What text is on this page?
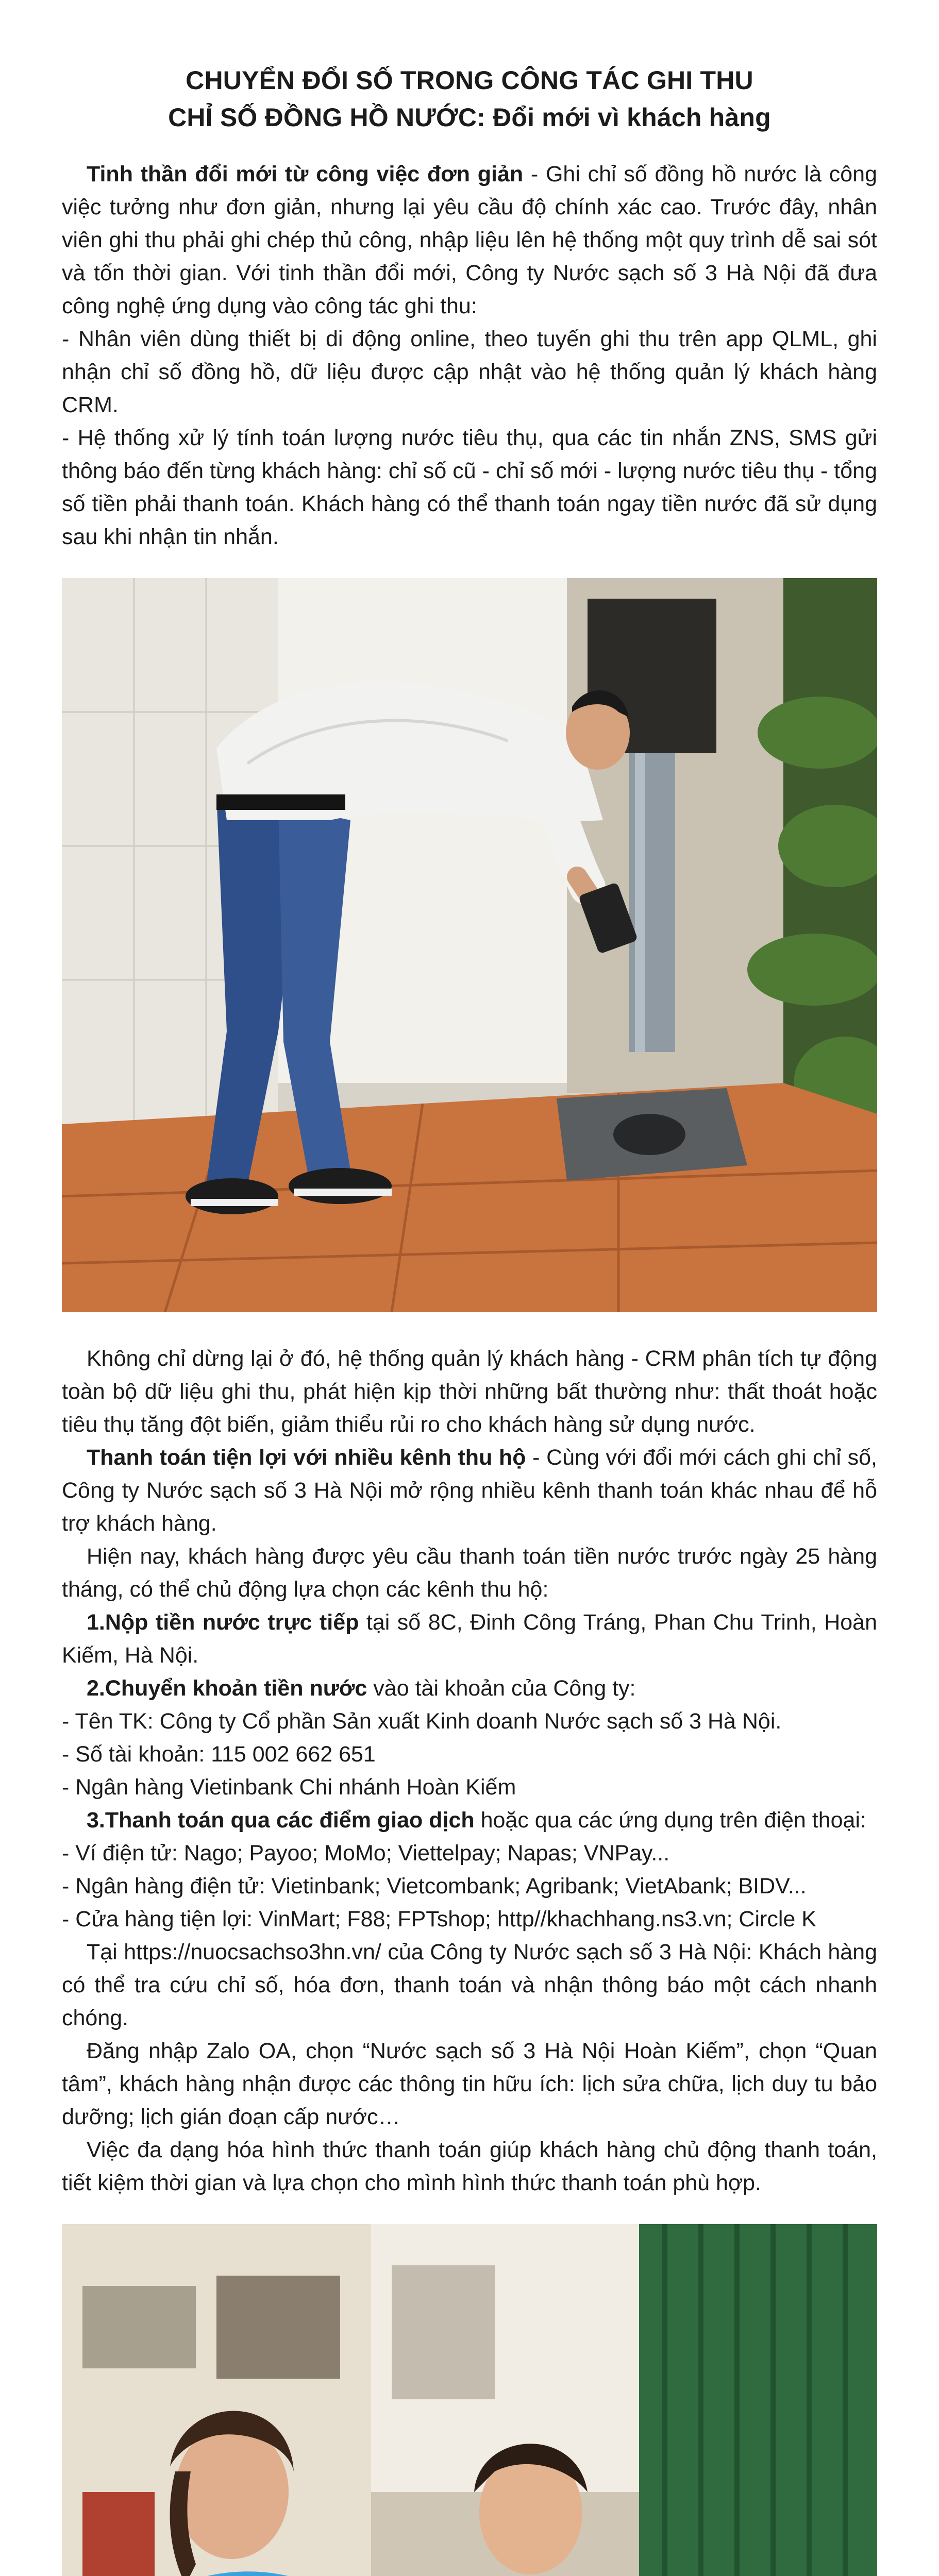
CHUYỂN ĐỔI SỐ TRONG CÔNG TÁC GHI THU
CHỈ SỐ ĐỒNG HỒ NƯỚC: Đổi mới vì khách hàng

Tinh thần đổi mới từ công việc đơn giản - Ghi chỉ số đồng hồ nước là công việc tưởng như đơn giản, nhưng lại yêu cầu độ chính xác cao. Trước đây, nhân viên ghi thu phải ghi chép thủ công, nhập liệu lên hệ thống một quy trình dễ sai sót và tốn thời gian. Với tinh thần đổi mới, Công ty Nước sạch số 3 Hà Nội đã đưa công nghệ ứng dụng vào công tác ghi thu:

- Nhân viên dùng thiết bị di động online, theo tuyến ghi thu trên app QLML, ghi nhận chỉ số đồng hồ, dữ liệu được cập nhật vào hệ thống quản lý khách hàng CRM.

- Hệ thống xử lý tính toán lượng nước tiêu thụ, qua các tin nhắn ZNS, SMS gửi thông báo đến từng khách hàng: chỉ số cũ - chỉ số mới - lượng nước tiêu thụ - tổng số tiền phải thanh toán. Khách hàng có thể thanh toán ngay tiền nước đã sử dụng sau khi nhận tin nhắn.

Không chỉ dừng lại ở đó, hệ thống quản lý khách hàng - CRM phân tích tự động toàn bộ dữ liệu ghi thu, phát hiện kịp thời những bất thường như: thất thoát hoặc tiêu thụ tăng đột biến, giảm thiểu rủi ro cho khách hàng sử dụng nước.

Thanh toán tiện lợi với nhiều kênh thu hộ - Cùng với đổi mới cách ghi chỉ số, Công ty Nước sạch số 3 Hà Nội mở rộng nhiều kênh thanh toán khác nhau để hỗ trợ khách hàng.

Hiện nay, khách hàng được yêu cầu thanh toán tiền nước trước ngày 25 hàng tháng, có thể chủ động lựa chọn các kênh thu hộ:

1.Nộp tiền nước trực tiếp tại số 8C, Đinh Công Tráng, Phan Chu Trinh, Hoàn Kiếm, Hà Nội.

2.Chuyển khoản tiền nước vào tài khoản của Công ty:

- Tên TK: Công ty Cổ phần Sản xuất Kinh doanh Nước sạch số 3 Hà Nội.

- Số tài khoản: 115 002 662 651

- Ngân hàng Vietinbank Chi nhánh Hoàn Kiếm

3.Thanh toán qua các điểm giao dịch hoặc qua các ứng dụng trên điện thoại:

- Ví điện tử: Nago; Payoo; MoMo; Viettelpay; Napas; VNPay...

- Ngân hàng điện tử: Vietinbank; Vietcombank; Agribank; VietAbank; BIDV...

- Cửa hàng tiện lợi: VinMart; F88; FPTshop; http//khachhang.ns3.vn; Circle K

Tại https://nuocsachso3hn.vn/ của Công ty Nước sạch số 3 Hà Nội: Khách hàng có thể tra cứu chỉ số, hóa đơn, thanh toán và nhận thông báo một cách nhanh chóng.

Đăng nhập Zalo OA, chọn “Nước sạch số 3 Hà Nội Hoàn Kiếm”, chọn “Quan tâm”, khách hàng nhận được các thông tin hữu ích: lịch sửa chữa, lịch duy tu bảo dưỡng; lịch gián đoạn cấp nước…

Việc đa dạng hóa hình thức thanh toán giúp khách hàng chủ động thanh toán, tiết kiệm thời gian và lựa chọn cho mình hình thức thanh toán phù hợp.
